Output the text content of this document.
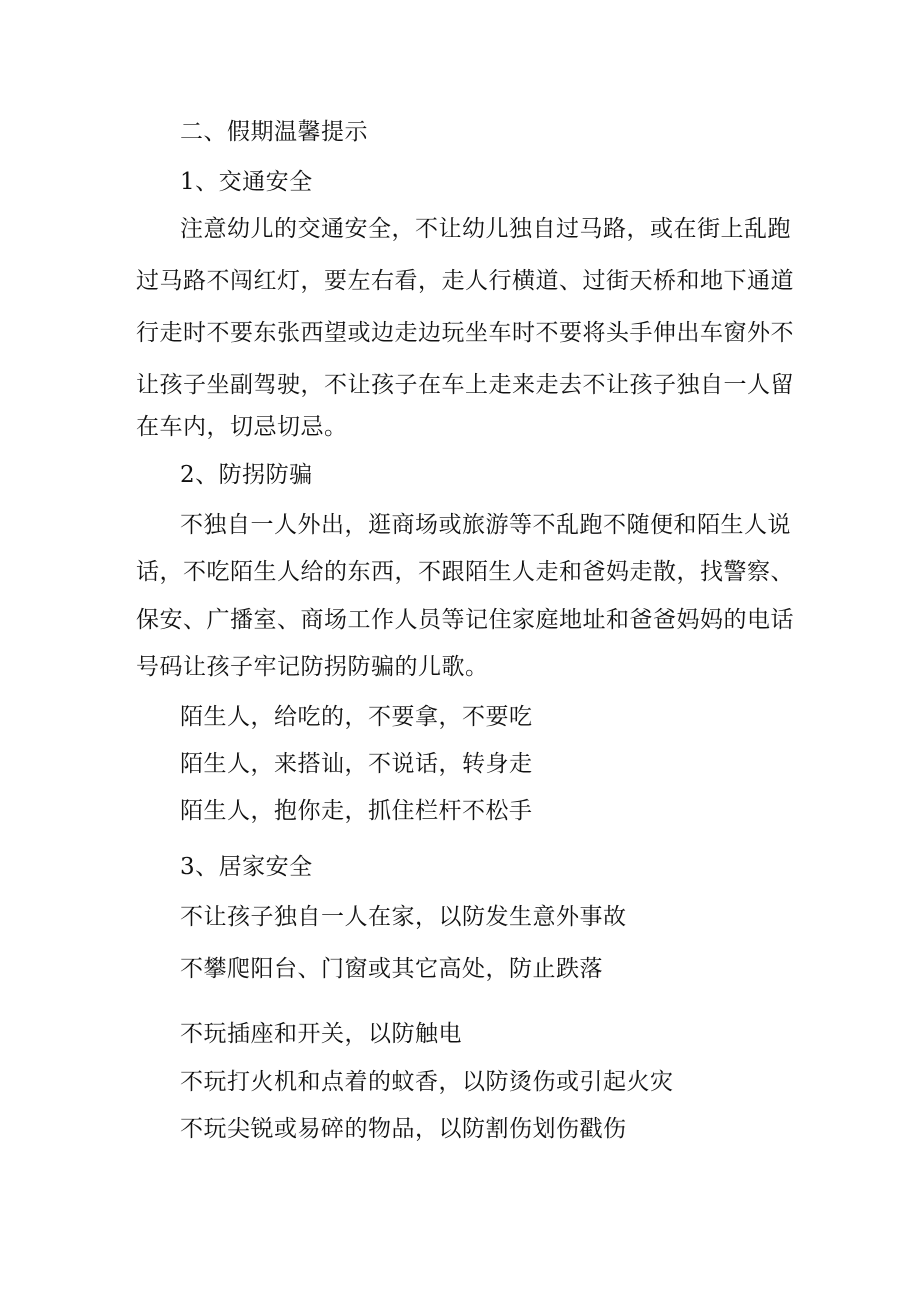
二、假期温馨提示
1、交通安全
注意幼儿的交通安全，不让幼儿独自过马路，或在街上乱跑
过马路不闯红灯，要左右看，走人行横道、过街天桥和地下通道
行走时不要东张西望或边走边玩坐车时不要将头手伸出车窗外不
让孩子坐副驾驶，不让孩子在车上走来走去不让孩子独自一人留
在车内，切忌切忌。
2、防拐防骗
不独自一人外出，逛商场或旅游等不乱跑不随便和陌生人说
话，不吃陌生人给的东西，不跟陌生人走和爸妈走散，找警察、
保安、广播室、商场工作人员等记住家庭地址和爸爸妈妈的电话
号码让孩子牢记防拐防骗的儿歌。
陌生人，给吃的，不要拿，不要吃
陌生人，来搭讪，不说话，转身走
陌生人，抱你走，抓住栏杆不松手
3、居家安全
不让孩子独自一人在家，以防发生意外事故
不攀爬阳台、门窗或其它高处，防止跌落
不玩插座和开关，以防触电
不玩打火机和点着的蚊香，以防烫伤或引起火灾
不玩尖锐或易碎的物品，以防割伤划伤戳伤
